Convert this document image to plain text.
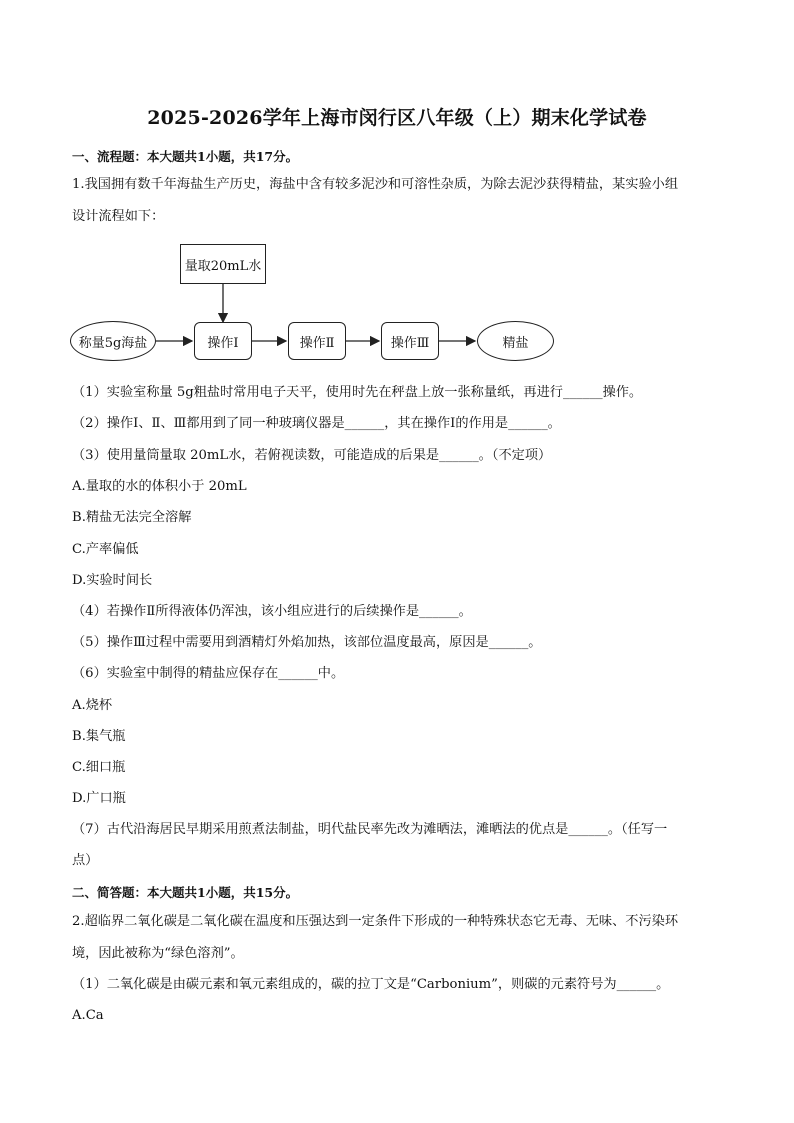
2025-2026学年上海市闵行区八年级（上）期末化学试卷
一、流程题：本大题共1小题，共17分。
1.我国拥有数千年海盐生产历史，海盐中含有较多泥沙和可溶性杂质，为除去泥沙获得精盐，某实验小组
设计流程如下：
量取20mL水
称量5g海盐	操作Ⅰ	操作Ⅱ	操作Ⅲ	精盐
（1）实验室称量 5g粗盐时常用电子天平，使用时先在秤盘上放一张称量纸，再进行______操作。
（2）操作Ⅰ、Ⅱ、Ⅲ都用到了同一种玻璃仪器是______，其在操作Ⅰ的作用是______。
（3）使用量筒量取 20mL水，若俯视读数，可能造成的后果是______。（不定项）
A.量取的水的体积小于 20mL
B.精盐无法完全溶解
C.产率偏低
D.实验时间长
（4）若操作Ⅱ所得液体仍浑浊，该小组应进行的后续操作是______。
（5）操作Ⅲ过程中需要用到酒精灯外焰加热，该部位温度最高，原因是______。
（6）实验室中制得的精盐应保存在______中。
A.烧杯
B.集气瓶
C.细口瓶
D.广口瓶
（7）古代沿海居民早期采用煎煮法制盐，明代盐民率先改为滩晒法，滩晒法的优点是______。（任写一
点）
二、简答题：本大题共1小题，共15分。
2.超临界二氧化碳是二氧化碳在温度和压强达到一定条件下形成的一种特殊状态它无毒、无味、不污染环
境，因此被称为“绿色溶剂”。
（1）二氧化碳是由碳元素和氧元素组成的，碳的拉丁文是“Carbonium”，则碳的元素符号为______。
A.Ca
